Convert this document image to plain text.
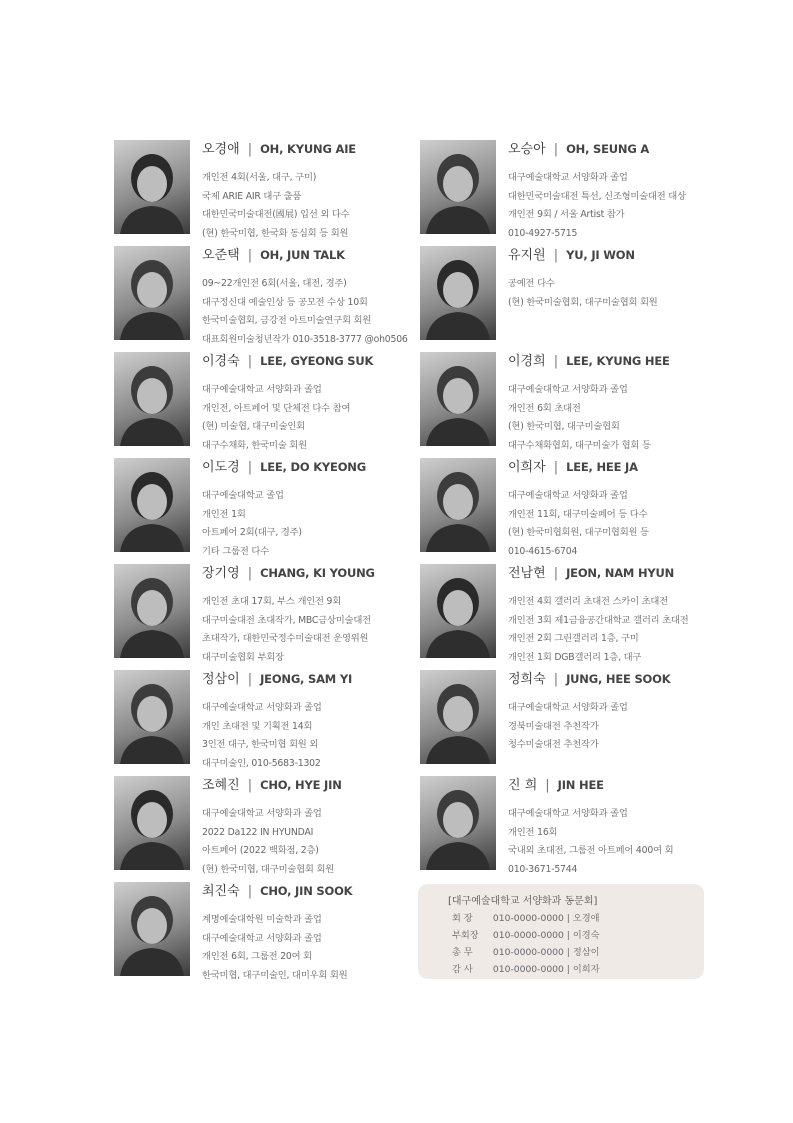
오경애 | OH, KYUNG AIE
개인전 4회(서울, 대구, 구미)
국제 ARIE AIR 대구 출품
대한민국미술대전(國展) 입선 외 다수
(현) 한국미협, 한국화 동심회 등 회원
오준택 | OH, JUN TALK
09~22개인전 6회(서울, 대전, 경주)
대구정신대 예술인상 등 공모전 수상 10회
한국미술협회, 금강전 아트미술연구회 회원
대표회원미술청년작가 010-3518-3777 @oh0506
이경숙 | LEE, GYEONG SUK
대구예술대학교 서양화과 졸업
개인전, 아트페어 및 단체전 다수 참여
(현) 미술협, 대구미술인회
대구수채화, 한국미술 회원
이도경 | LEE, DO KYEONG
대구예술대학교 졸업
개인전 1회
아트페어 2회(대구, 경주)
기타 그룹전 다수
장기영 | CHANG, KI YOUNG
개인전 초대 17회, 부스 개인전 9회
대구미술대전 초대작가, MBC금상미술대전
초대작가, 대한민국정수미술대전 운영위원
대구미술협회 부회장
정삼이 | JEONG, SAM YI
대구예술대학교 서양화과 졸업
개인 초대전 및 기획전 14회
3인전 대구, 한국미협 회원 외
대구미술인, 010-5683-1302
조혜진 | CHO, HYE JIN
대구예술대학교 서양화과 졸업
2022 Da122 IN HYUNDAI
아트페어 (2022 백화점, 2층)
(현) 한국미협, 대구미술협회 회원
최진숙 | CHO, JIN SOOK
계명예술대학원 미술학과 졸업
대구예술대학교 서양화과 졸업
개인전 6회, 그룹전 20여 회
한국미협, 대구미술인, 대미우회 회원
오승아 | OH, SEUNG A
대구예술대학교 서양화과 졸업
대한민국미술대전 특선, 신조형미술대전 대상
개인전 9회 / 서울 Artist 참가
010-4927-5715
유지원 | YU, JI WON
공예전 다수
(현) 한국미술협회, 대구미술협회 회원
이경희 | LEE, KYUNG HEE
대구예술대학교 서양화과 졸업
개인전 6회 초대전
(현) 한국미협, 대구미술협회
대구수채화협회, 대구미술가 협회 등
이희자 | LEE, HEE JA
대구예술대학교 서양화과 졸업
개인전 11회, 대구미술페어 등 다수
(현) 한국미협회원, 대구미협회원 등
010-4615-6704
전남현 | JEON, NAM HYUN
개인전 4회 갤러리 초대전 스카이 초대전
개인전 3회 제1금융공간대학교 갤러리 초대전
개인전 2회 그린갤러리 1층, 구미
개인전 1회 DGB갤러리 1층, 대구
정희숙 | JUNG, HEE SOOK
대구예술대학교 서양화과 졸업
경북미술대전 추천작가
청수미술대전 추천작가
진 희 | JIN HEE
대구예술대학교 서양화과 졸업
개인전 16회
국내외 초대전, 그룹전 아트페어 400여 회
010-3671-5744
[대구예술대학교 서양화과 동문회]
회 장 010-0000-0000 | 오경애
부회장 010-0000-0000 | 이경숙
총 무 010-0000-0000 | 정삼이
감 사 010-0000-0000 | 이희자
